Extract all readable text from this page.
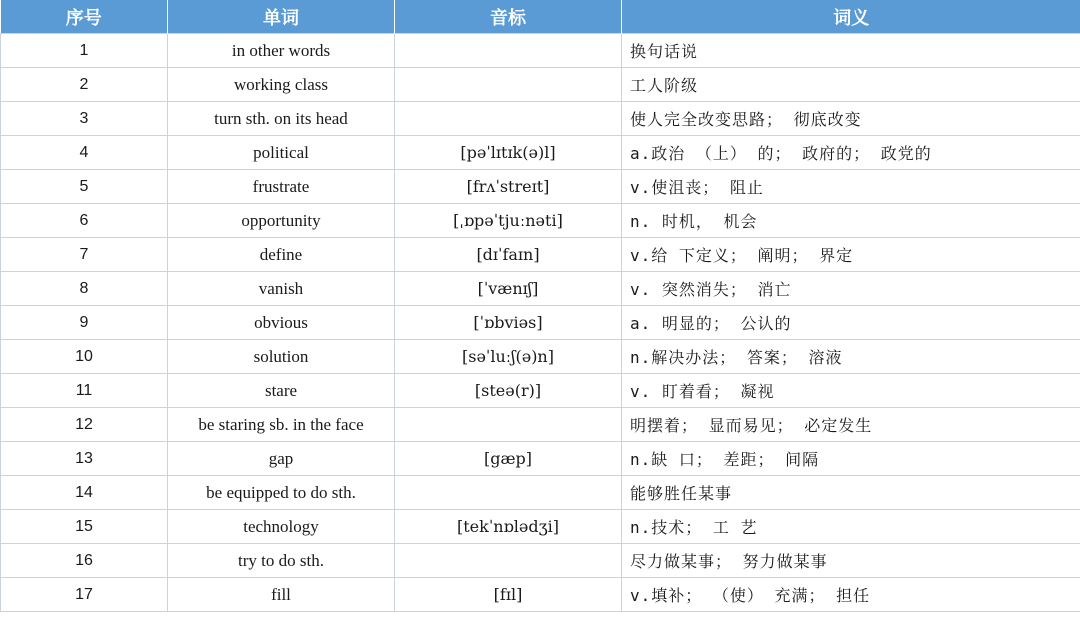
序号	单词	音标	词义
1	in other words		换句话说
2	working class		工人阶级
3	turn sth. on its head		使人完全改变思路； 彻底改变
4	political	[pəˈlɪtɪk(ə)l]	a.政治 （上） 的； 政府的； 政党的
5	frustrate	[frʌˈstreɪt]	v.使沮丧； 阻止
6	opportunity	[ˌɒpəˈtjuːnəti]	n. 时机， 机会
7	define	[dɪˈfaɪn]	v.给 下定义； 阐明； 界定
8	vanish	[ˈvænɪʃ]	v. 突然消失； 消亡
9	obvious	[ˈɒbviəs]	a. 明显的； 公认的
10	solution	[səˈluːʃ(ə)n]	n.解决办法； 答案； 溶液
11	stare	[steə(r)]	v. 盯着看； 凝视
12	be staring sb. in the face		明摆着； 显而易见； 必定发生
13	gap	[gæp]	n.缺 口； 差距； 间隔
14	be equipped to do sth.		能够胜任某事
15	technology	[tekˈnɒlədʒi]	n.技术； 工 艺
16	try to do sth.		尽力做某事； 努力做某事
17	fill	[fɪl]	v.填补； （使） 充满； 担任
